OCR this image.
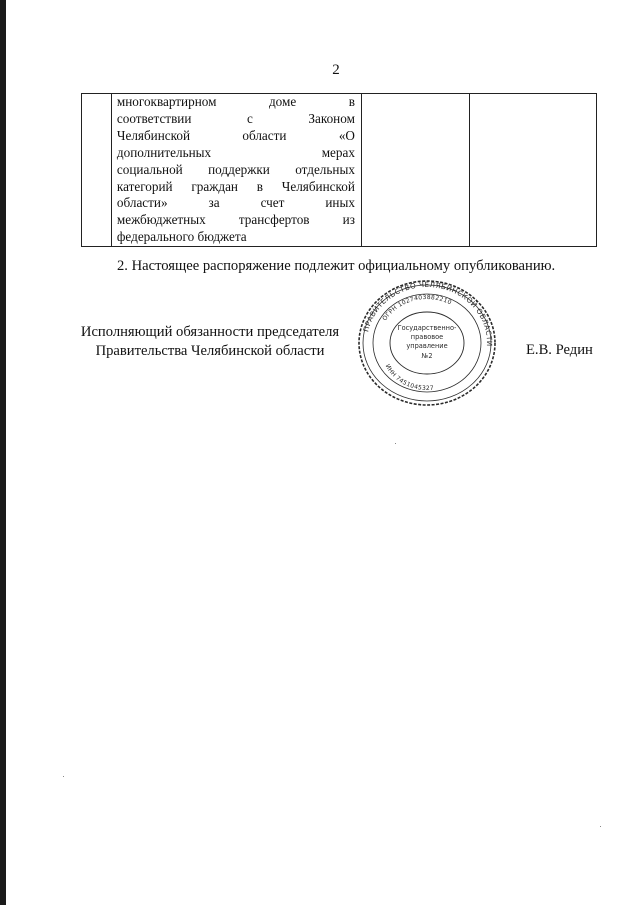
2

многоквартирном	доме	в
соответствии	с	Законом
Челябинской	области	«О
дополнительных	мерах
социальной поддержки отдельных
категорий граждан в Челябинской
области»	за	счет	иных
межбюджетных	трансфертов	из
федерального бюджета

2. Настоящее распоряжение подлежит официальному опубликованию.
Исполняющий обязанности председателя
Правительства Челябинской области	Е.В. Редин
ПРАВИТЕЛЬСТВО ЧЕЛЯБИНСКОЙ ОБЛАСТИ
ОГРН 1027403882210
ИНН 7451045327
Государственно-
правовое
управление
№2
